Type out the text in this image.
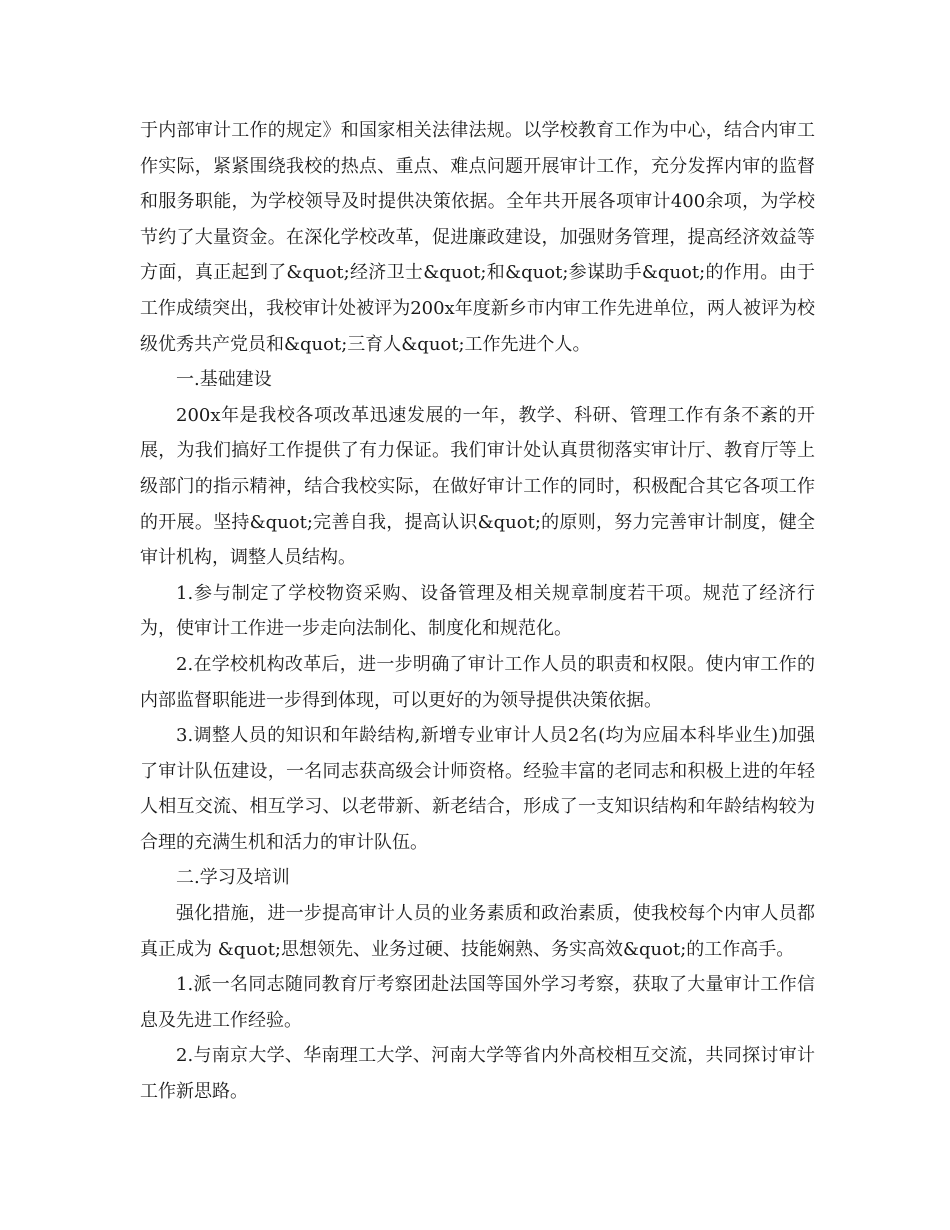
于内部审计工作的规定》和国家相关法律法规。以学校教育工作为中心，结合内审工作实际，紧紧围绕我校的热点、重点、难点问题开展审计工作，充分发挥内审的监督和服务职能，为学校领导及时提供决策依据。全年共开展各项审计400余项，为学校节约了大量资金。在深化学校改革，促进廉政建设，加强财务管理，提高经济效益等方面，真正起到了&quot;经济卫士&quot;和&quot;参谋助手&quot;的作用。由于工作成绩突出，我校审计处被评为200x年度新乡市内审工作先进单位，两人被评为校级优秀共产党员和&quot;三育人&quot;工作先进个人。

一.基础建设

200x年是我校各项改革迅速发展的一年，教学、科研、管理工作有条不紊的开展，为我们搞好工作提供了有力保证。我们审计处认真贯彻落实审计厅、教育厅等上级部门的指示精神，结合我校实际，在做好审计工作的同时，积极配合其它各项工作的开展。坚持&quot;完善自我，提高认识&quot;的原则，努力完善审计制度，健全审计机构，调整人员结构。

1.参与制定了学校物资采购、设备管理及相关规章制度若干项。规范了经济行为，使审计工作进一步走向法制化、制度化和规范化。

2.在学校机构改革后，进一步明确了审计工作人员的职责和权限。使内审工作的内部监督职能进一步得到体现，可以更好的为领导提供决策依据。

3.调整人员的知识和年龄结构,新增专业审计人员2名(均为应届本科毕业生)加强了审计队伍建设，一名同志获高级会计师资格。经验丰富的老同志和积极上进的年轻人相互交流、相互学习、以老带新、新老结合，形成了一支知识结构和年龄结构较为合理的充满生机和活力的审计队伍。

二.学习及培训

强化措施，进一步提高审计人员的业务素质和政治素质，使我校每个内审人员都真正成为 &quot;思想领先、业务过硬、技能娴熟、务实高效&quot;的工作高手。

1.派一名同志随同教育厅考察团赴法国等国外学习考察，获取了大量审计工作信息及先进工作经验。

2.与南京大学、华南理工大学、河南大学等省内外高校相互交流，共同探讨审计工作新思路。
